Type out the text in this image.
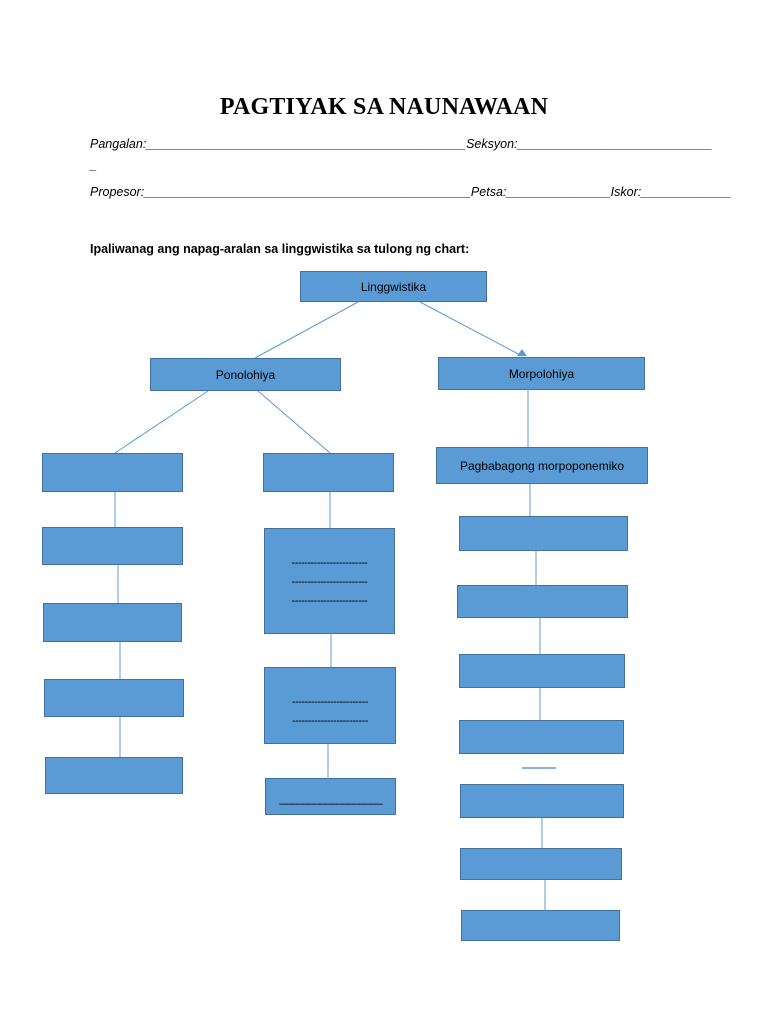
PAGTIYAK SA NAUNAWAAN
Pangalan:______________________________________________Seksyon:____________________________
_
Propesor:_______________________________________________Petsa:_______________Iskor:_____________
Ipaliwanag ang napag-aralan sa linggwistika sa tulong ng chart:
Linggwistika
Ponolohiya	Morpolohiya
Pagbabagong morpoponemiko
------------------------
------------------------
------------------------
------------------------
------------------------
__________________
